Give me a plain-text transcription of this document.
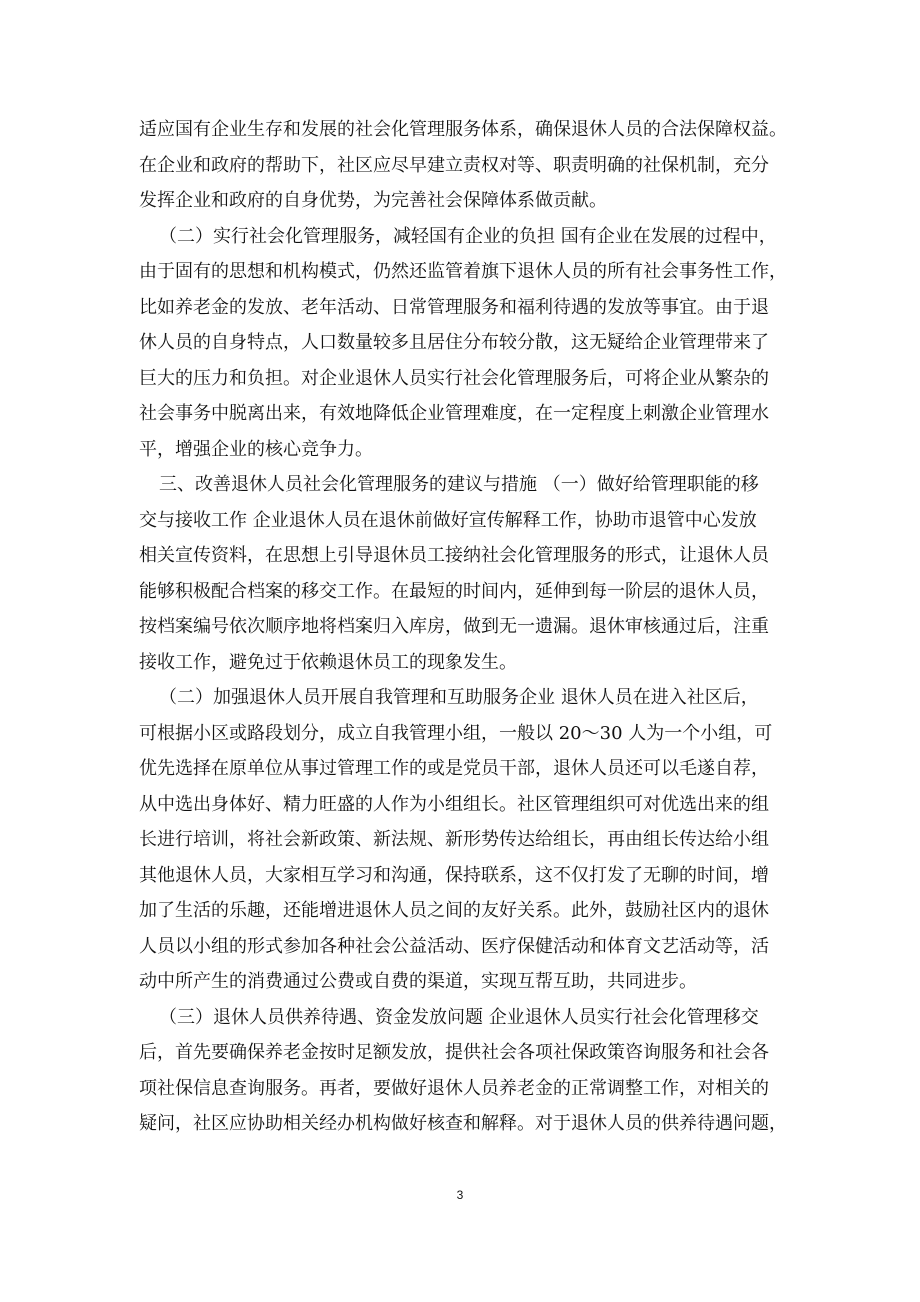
适应国有企业生存和发展的社会化管理服务体系，确保退休人员的合法保障权益。
在企业和政府的帮助下，社区应尽早建立责权对等、职责明确的社保机制，充分
发挥企业和政府的自身优势，为完善社会保障体系做贡献。
（二）实行社会化管理服务，减轻国有企业的负担 国有企业在发展的过程中，
由于固有的思想和机构模式，仍然还监管着旗下退休人员的所有社会事务性工作，
比如养老金的发放、老年活动、日常管理服务和福利待遇的发放等事宜。由于退
休人员的自身特点，人口数量较多且居住分布较分散，这无疑给企业管理带来了
巨大的压力和负担。对企业退休人员实行社会化管理服务后，可将企业从繁杂的
社会事务中脱离出来，有效地降低企业管理难度，在一定程度上刺激企业管理水
平，增强企业的核心竞争力。
三、改善退休人员社会化管理服务的建议与措施 （一）做好给管理职能的移
交与接收工作 企业退休人员在退休前做好宣传解释工作，协助市退管中心发放
相关宣传资料，在思想上引导退休员工接纳社会化管理服务的形式，让退休人员
能够积极配合档案的移交工作。在最短的时间内，延伸到每一阶层的退休人员，
按档案编号依次顺序地将档案归入库房，做到无一遗漏。退休审核通过后，注重
接收工作，避免过于依赖退休员工的现象发生。
（二）加强退休人员开展自我管理和互助服务企业 退休人员在进入社区后，
可根据小区或路段划分，成立自我管理小组，一般以 20～30 人为一个小组，可
优先选择在原单位从事过管理工作的或是党员干部，退休人员还可以毛遂自荐，
从中选出身体好、精力旺盛的人作为小组组长。社区管理组织可对优选出来的组
长进行培训，将社会新政策、新法规、新形势传达给组长，再由组长传达给小组
其他退休人员，大家相互学习和沟通，保持联系，这不仅打发了无聊的时间，增
加了生活的乐趣，还能增进退休人员之间的友好关系。此外，鼓励社区内的退休
人员以小组的形式参加各种社会公益活动、医疗保健活动和体育文艺活动等，活
动中所产生的消费通过公费或自费的渠道，实现互帮互助，共同进步。
（三）退休人员供养待遇、资金发放问题 企业退休人员实行社会化管理移交
后，首先要确保养老金按时足额发放，提供社会各项社保政策咨询服务和社会各
项社保信息查询服务。再者，要做好退休人员养老金的正常调整工作，对相关的
疑问，社区应协助相关经办机构做好核查和解释。对于退休人员的供养待遇问题，
3
